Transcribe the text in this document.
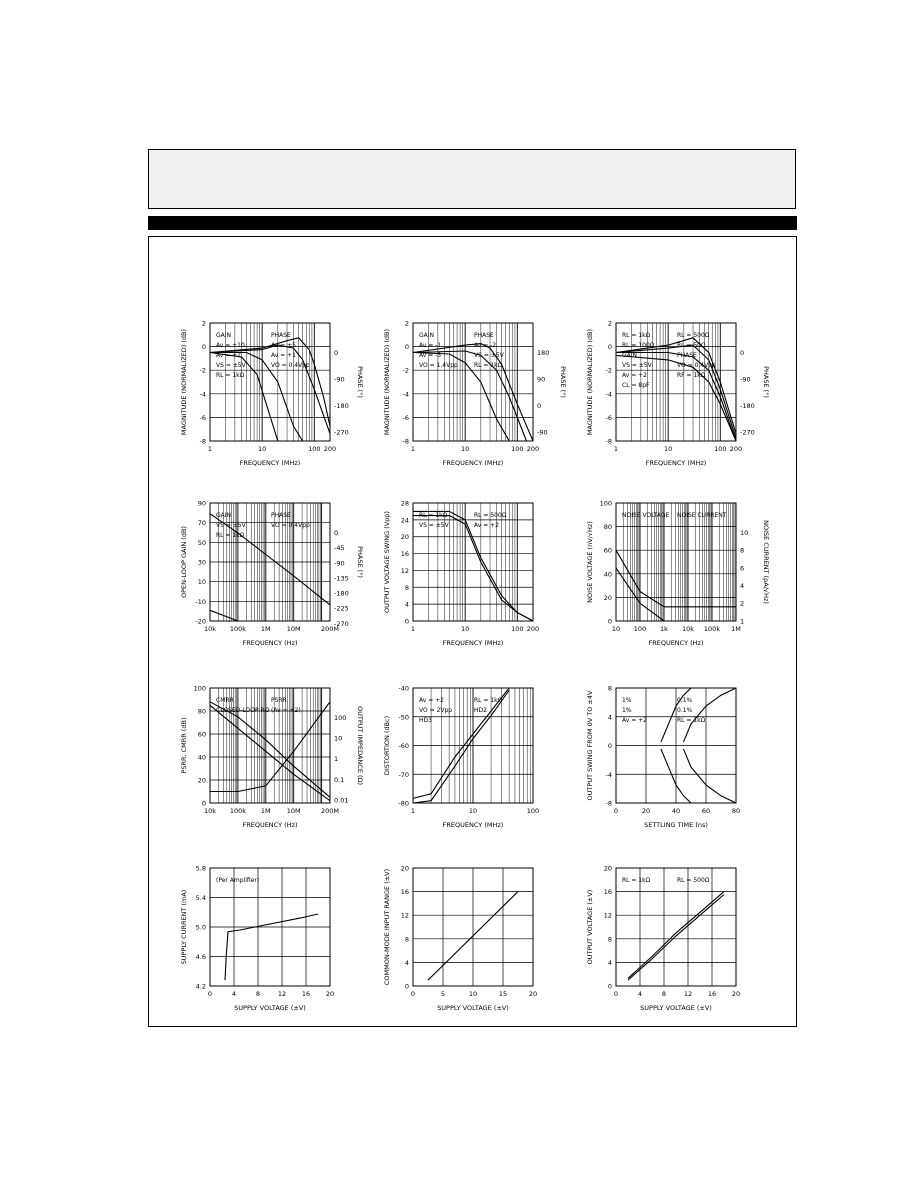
1	10	100 200
2
0
-2
-4
-6
-8
0
-90
-180
-270
FREQUENCY (MHz)
MAGNITUDE (NORMALIZED) (dB)	PHASE (°)
GAIN	PHASE
Av = +10	Av = +5
Av = +2	Av = +1
VS = ±5V	VO = 0.4Vpp
RL = 1kΩ
1	10	100 200
2
0
-2
-4
-6
-8
180
90
0
-90
FREQUENCY (MHz)
MAGNITUDE (NORMALIZED) (dB)	PHASE (°)
GAIN	PHASE
Av = -1	Av = -2
Av = -5	VS = ±5V
VO = 1.4Vpp	RL = 1kΩ
1	10	100 200
2
0
-2
-4
-6
-8
0
-90
-180
-270
FREQUENCY (MHz)
MAGNITUDE (NORMALIZED) (dB)	PHASE (°)
RL = 1kΩ	RL = 500Ω
RL = 100Ω	RL = 50Ω
GAIN	PHASE
VS = ±5V	VO = 0.4Vpp
Av = +2	RF = 1kΩ
CL = 8pF
10k 100k 1M 10M	200M
90
70
50
30
10
-10
-20
0
-45
-90
-135
-180
-225
-270
FREQUENCY (Hz)
OPEN-LOOP GAIN (dB)	PHASE (°)
GAIN	PHASE
VS = ±5V	VO = 0.4Vpp
RL = 1kΩ
1	10	100 200
28
24
20
16
12
8
4
0
FREQUENCY (MHz)
OUTPUT VOLTAGE SWING (Vpp)	RL = 1kΩ	RL = 500Ω
VS = ±5V	Av = +2
10 100 1k 10k 100k 1M
100
80
60
40
20
0
10
8
6
4
2
1
FREQUENCY (Hz)
NOISE VOLTAGE (nV/√Hz)	NOISE CURRENT (pA/√Hz)
NOISE VOLTAGE NOISE CURRENT
10k 100k 1M 10M	200M
100
80
60
40
20
0
100
10
1
0.1
0.01
FREQUENCY (Hz)
PSRR, CMRR (dB)	OUTPUT IMPEDANCE (Ω)
CMRR	PSRR
CLOSED-LOOP RO (Av = +2)
1	10	100
-40
-50
-60
-70
-80
FREQUENCY (MHz)
DISTORTION (dBc)
Av = +2	RL = 1kΩ
VO = 2Vpp	HD2
HD3
0	20	40	60	80
8
4
0
-4
-8
SETTLING TIME (ns)
OUTPUT SWING FROM 0V TO ±4V	1%	0.1%
1%	0.1%
Av = +2	RL = 1kΩ
0	4	8	12 16 20
5.8
5.4
5.0
4.6
4.2
SUPPLY VOLTAGE (±V)
SUPPLY CURRENT (mA)
(Per Amplifier)
0	5	10	15	20
20
16
12
8
4
0
SUPPLY VOLTAGE (±V)
COMMON-MODE INPUT RANGE (±V)
0	4	8	12 16 20
20
16
12
8
4
0
SUPPLY VOLTAGE (±V)
OUTPUT VOLTAGE (±V)
RL = 1kΩ	RL = 500Ω
